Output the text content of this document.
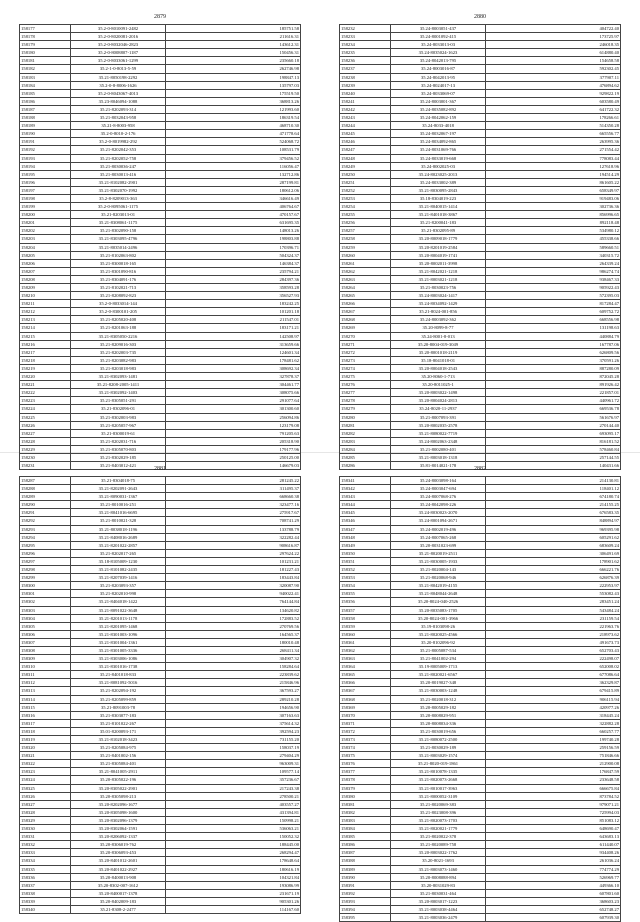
2879
158177	35.2-0-8010091-2482	185751.58
158178	35.2-0-8020081-2016	211616.31
158179	35.2-0-8032046-2823	143612.31
158180	35.2-0-8008807-1187	150456.31
158181	35.2-0-8033061-1299	235660.18
158182	35.2-1-0-8013-5-59	262746.98
158183	35.21-8050198-2292	198847.13
158184	35.2-0-8-8006-1626	135797.03
158185	35.2-0-8043067-4013	175519.50
158186	35.23-8046094-1088	368813.26
158187	35.21-8202093-314	121993.60
158188	35.21-8032043-958	186319.54
158189	35.21-8-8003-958	468710.30
158190	35.2-0-8010-2-176	471778.64
158191	35.2-0-8019982-292	524068.72
158192	35.21-8202042-353	108531.79
158193	35.21-8202052-758	379456.52
158194	35.21-8030036-247	116056.47
158195	35.21-8030013-416	132712.86
158196	35.21-8102082-2901	287199.81
158197	35.21-8302070-1992	180612.06
158198	35.2-8-8209013-363	346616.49
158199	35.2-0-8095061-1175	406764.67
158200	35.21-8203013-01	470157.67
158201	35.21-8308061-1175	631695.35
158202	35.21-8302090-158	148013.26
158203	35.21-8303095-4796	198803.88
158204	35.21-8035014-2496	170396.71
158205	35.21-8102063-802	504324.37
158206	35.21-8300018-165	146384.37
158207	35.21-8301090-816	235794.21
158208	35.21-8304091-176	284397.36
158209	35.21-8102021-713	358593.28
158210	35.21-8208092-823	356527.93
158211	35.2-0-8033014-144	183242.25
158212	35.2-0-8300101-205	101201.18
158213	35.21-8205020-408	211547.01
158214	35.21-8201063-188	183171.21
158215	35.21-8305050-2216	142508.97
158216	35.21-8209016-303	313659.66
158217	35.21-8202003-735	124601.34
158218	35.21-8203082-983	178481.62
158219	35.21-8203018-983	308692.34
158220	35.21-8302093-1481	327878.37
158221	35.21-8208-2005-1411	304461.77
158222	35.21-8302092-1403	308075.66
158223	35.21-8305051-291	291077.64
158224	35.21-8302096-01	301300.60
158225	35.21-8302003-983	256094.86
158226	35.21-8205057-967	123179.08
158227	35.21-8300019-61	791205.63
158228	35.21-8202031-716	205318.90
158229	35.21-8305070-803	179177.96
158230	35.21-8302029-185	250125.00
158231	35.21-8403012-421	146679.03
2880
158232	35.24-8003051-437	404722.40
158233	35.24-8001092-415	173725.97
158234	35.24-8033013-03	246018.35
158235	35.24-8035024-1623	614880.40
158236	35.24-8042013-795	154658.58
158237	35.24-8003016-87	592302.45
158238	35.24-8042013-95	377907.11
158239	35.24-8024017-13	476894.62
158240	35.24-8033069-07	929822.19
158241	35.24-8003001-367	603580.49
158242	35.24-8035082-892	641722.32
158243	35.24-8042062-159	178266.61
158244	35.24-8033-4018	514350.28
158245	35.24-8032067-197	665556.77
158246	35.24-8034092-865	263995.36
158247	35.24-8031069-766	271554.42
158248	35.24-8033019-668	778083.44
158249	35.24-8002025-03	127618.96
158250	35.24-8023025-2013	194514.29
158251	35.24-8033002-389	861605.22
158252	35.21-8030095-2843	658349.97
158253	35.18-8304019-223	919483.06
158254	35.21-8040015-1414	302736.36
158255	35.21-8401018-3867	856996.65
158256	35.21-8200041-183	892118.48
158257	35.21-8302095-89	534980.12
158258	35.20-8009018-1779	455338.66
158259	35.20-8201019-2584	589660.51
158260	35.20-8004019-1741	340315.72
158261	35.20-8002011-3998	264339.24
158262	35.21-8042021-1218	986274.74
158263	35.21-8003021-1218	938467.33
158264	35.21-8030023-756	905922.43
158265	35.24-8003024-1417	572395.03
158266	35.24-8034092-1429	817284.47
158267	35.21-8024-001-856	609752.72
158268	35.24-8003092-362	668556.98
158269	35.20-8099-8-77	131198.63
158270	35.24-8001-8-013	440884.79
158271	35.20-8004-019-3049	167787.06
158272	35.20-8001018-2119	626809.56
158273	35.18-8041018-01	370591.26
158274	35.20-8004018-2543	887280.09
158275	35.20-8060-1-713	872045.28
158276	35.20-8011025-1	891926.42
158277	35.20-8003022-1498	221857.01
158278	35.20-8004024-2813	440961.72
158279	35.24-8020-11-2937	669536.78
158280	35.21-8007093-391	561676.97
158281	35.20-8002035-2578	270144.40
158282	35.21-8080022-7719	693095.17
158283	35.24-8002063-2348	816181.52
158284	35.21-8002080-401	578460.84
158285	35.21-8003018-1318	257144.55
158286	35.81-8014021-178	140431.66
2881
158287	35.21-8304018-75	281245.22
158288	35.21-8202091-2643	311495.37
158289	35.21-8090031-1367	668660.38
158290	35.21-8010016-251	323477.16
158291	35.21-8041016-6695	275917.67
158292	35.21-8010021-328	708741.29
158293	35.21-8038018-1196	133788.79
158294	35.21-8408016-2689	322282.44
158295	35.21-8201022-2857	908616.87
158296	35.21-8202017-265	297624.22
158297	35.18-8105009-1230	101231.21
158298	35.21-8101082-2435	181227.43
158299	35.21-8207039-1416	183443.84
158300	35.21-8203093-357	320087.90
158301	35.21-8202010-998	940022.41
158302	35.21-8404018-1422	764144.84
158303	35.21-8091022-3648	134620.82
158304	35.21-8201013-1178	172883.52
158305	35.21-8201095-1468	270769.56
158306	35.21-8301003-1096	164565.37
158307	35.21-8301004-1361	180010.48
158308	35.21-8301005-3336	268411.34
158309	35.21-8303006-1086	304907.32
158310	35.21-8301016-1738	158284.64
158311	35.21-8401018-833	223839.62
158312	35.21-8081092-5016	215846.96
158313	35.21-8202094-192	367593.27
158314	35.21-8205099-859	289210.28
158315	35.21-8091003-78	194656.90
158316	35.21-8303077-183	307163.63
158317	35.21-8101022-267	375614.32
158318	35.01-8200093-171	392594.23
158319	35.21-8102018-3423	731155.20
158320	35.21-8205084-975	158037.19
158321	35.21-8401002-156	279404.29
158322	35.21-8305084-401	963009.31
158323	35.21-8041005-2911	109577.14
158324	35.20-8305022-196	357236.67
158325	35.20-8305022-2901	217243.38
158326	35.20-8305098-213	278500.21
158327	35.20-8202096-1677	403557.27
158328	35.20-8305098-1600	431394.81
158329	35.20-8302096-1379	150998.21
158330	35.20-8302064-1591	536063.21
158331	35.20-8206092-1337	150052.32
158332	35.20-8306019-762	188445.00
158333	35.20-8306093-453	268294.47
158334	35.20-8401012-2601	178648.64
158335	35.20-8401022-2927	180616.19
158336	35.20-8400013-908	104321.84
158337	35.20-8302-007-1612	193086.99
158338	35.20-8400017-1378	231671.19
158339	35.20-8402009-183	905301.26
158340	35.21-8308-2-2477	114167.60
2882
158341	35.24-8003098-164	214130.81
158342	35.24-8003047-694	118401.12
158343	35.24-8007068-276	674180.74
158344	35.24-8042098-226	214155.25
158345	35.24-8030023-2070	676583.35
158346	35.24-8001094-2671	848894.97
158347	35.24-8002019-496	969395.98
158348	35.24-8007065-268	605291.62
158349	35.20-8031023-699	683609.24
158350	35.21-8020019-2511	306491.69
158351	35.21-8030005-1933	178901.62
158352	35.21-8020004-143	666221.76
158353	35.21-8020068-946	626876.39
158354	35.21-8042019-4155	222953.97
158355	35.21-8048044-2648	553082.43
158356	35.20-8024-040-2526	283451.24
158357	35.20-8035083-1705	543484.24
158358	35.20-8024-001-3966	231159.54
158359	35.19-8103098-26	221963.76
158360	35.21-8020025-4566	218973.62
158361	35.20-8102096-92	491673.73
158362	35.21-8005087-534	652703.43
158363	35.21-8041002-294	222498.07
158364	35.19-8005009-1713	652008.02
158365	35.21-8020021-6567	677086.64
158366	35.20-8019027-348	362329.87
158367	35.21-8030003-1248	679415.89
158368	35.21-8020018-312	906115.94
158369	35.20-8005029-182	420977.26
158370	35.20-8008029-951	318445.24
158371	35.20-8008034-336	322882.28
158372	35.21-8030019-656	660257.77
158373	35.21-8080072-2500	199740.28
158374	35.21-8030029-189	259156.59
158375	35.21-8003029-1574	751846.66
158376	35.21-8020-019-1861	212900.08
158377	35.21-8010078-1335	176847.59
158378	35.21-8020073-2668	233648.58
158379	35.21-8010017-3963	666675.84
158380	35.21-8000052-3109	873784.52
158381	35.21-8020069-383	979071.21
158382	35.21-8023008-396	725994.03
158383	35.21-8020073-1703	851083.12
158384	35.21-8020021-1779	648690.47
158385	35.21-8020022-378	643683.13
158386	35.21-8020089-758	611440.07
158387	35.20-8003022-1762	934408.26
158388	35.20-8021-1693	261036.24
158389	35.21-8003073-1460	774774.29
158390	35.20-8008088-894	526969.77
158391	35.20-8031029-83	449366.10
158392	35.21-8030031-464	607801.60
158393	35.20-8003017-1223	368603.23
158394	35.21-8003038-4464	652748.27
158395	35.21-8003036-2479	607939.30
